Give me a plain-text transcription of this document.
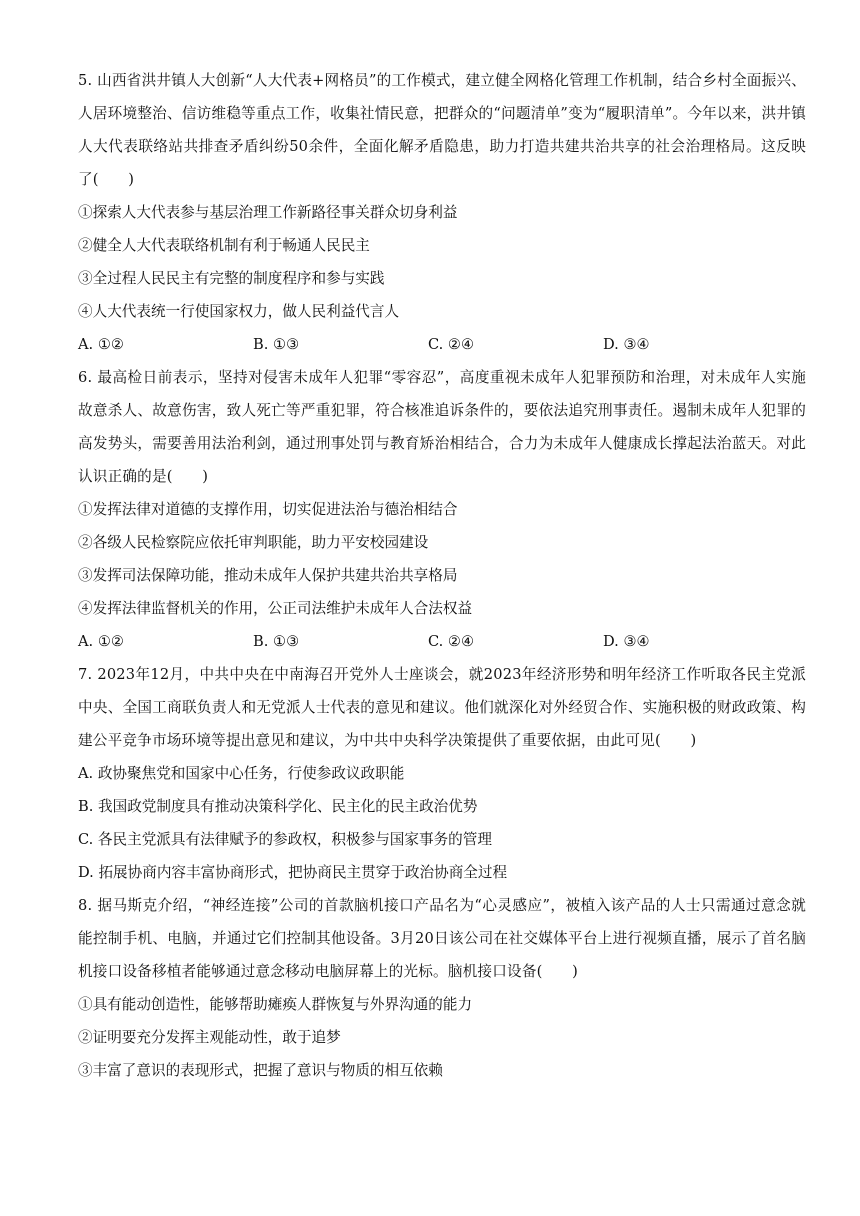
5. 山西省洪井镇人大创新“人大代表+网格员”的工作模式，建立健全网格化管理工作机制，结合乡村全面振兴、人居环境整治、信访维稳等重点工作，收集社情民意，把群众的“问题清单”变为“履职清单”。今年以来，洪井镇人大代表联络站共排查矛盾纠纷50余件，全面化解矛盾隐患，助力打造共建共治共享的社会治理格局。这反映了(　　)

①探索人大代表参与基层治理工作新路径事关群众切身利益

②健全人大代表联络机制有利于畅通人民民主

③全过程人民民主有完整的制度程序和参与实践

④人大代表统一行使国家权力，做人民利益代言人

A. ①②	B. ①③	C. ②④	D. ③④

6. 最高检日前表示，坚持对侵害未成年人犯罪“零容忍”，高度重视未成年人犯罪预防和治理，对未成年人实施故意杀人、故意伤害，致人死亡等严重犯罪，符合核准追诉条件的，要依法追究刑事责任。遏制未成年人犯罪的高发势头，需要善用法治利剑，通过刑事处罚与教育矫治相结合，合力为未成年人健康成长撑起法治蓝天。对此认识正确的是(　　)

①发挥法律对道德的支撑作用，切实促进法治与德治相结合

②各级人民检察院应依托审判职能，助力平安校园建设

③发挥司法保障功能，推动未成年人保护共建共治共享格局

④发挥法律监督机关的作用，公正司法维护未成年人合法权益

A. ①②	B. ①③	C. ②④	D. ③④

7. 2023年12月，中共中央在中南海召开党外人士座谈会，就2023年经济形势和明年经济工作听取各民主党派中央、全国工商联负责人和无党派人士代表的意见和建议。他们就深化对外经贸合作、实施积极的财政政策、构建公平竞争市场环境等提出意见和建议，为中共中央科学决策提供了重要依据，由此可见(　　)

A. 政协聚焦党和国家中心任务，行使参政议政职能

B. 我国政党制度具有推动决策科学化、民主化的民主政治优势

C. 各民主党派具有法律赋予的参政权，积极参与国家事务的管理

D. 拓展协商内容丰富协商形式，把协商民主贯穿于政治协商全过程

8. 据马斯克介绍，“神经连接”公司的首款脑机接口产品名为“心灵感应”，被植入该产品的人士只需通过意念就能控制手机、电脑，并通过它们控制其他设备。3月20日该公司在社交媒体平台上进行视频直播，展示了首名脑机接口设备移植者能够通过意念移动电脑屏幕上的光标。脑机接口设备(　　)

①具有能动创造性，能够帮助瘫痪人群恢复与外界沟通的能力

②证明要充分发挥主观能动性，敢于追梦

③丰富了意识的表现形式，把握了意识与物质的相互依赖
